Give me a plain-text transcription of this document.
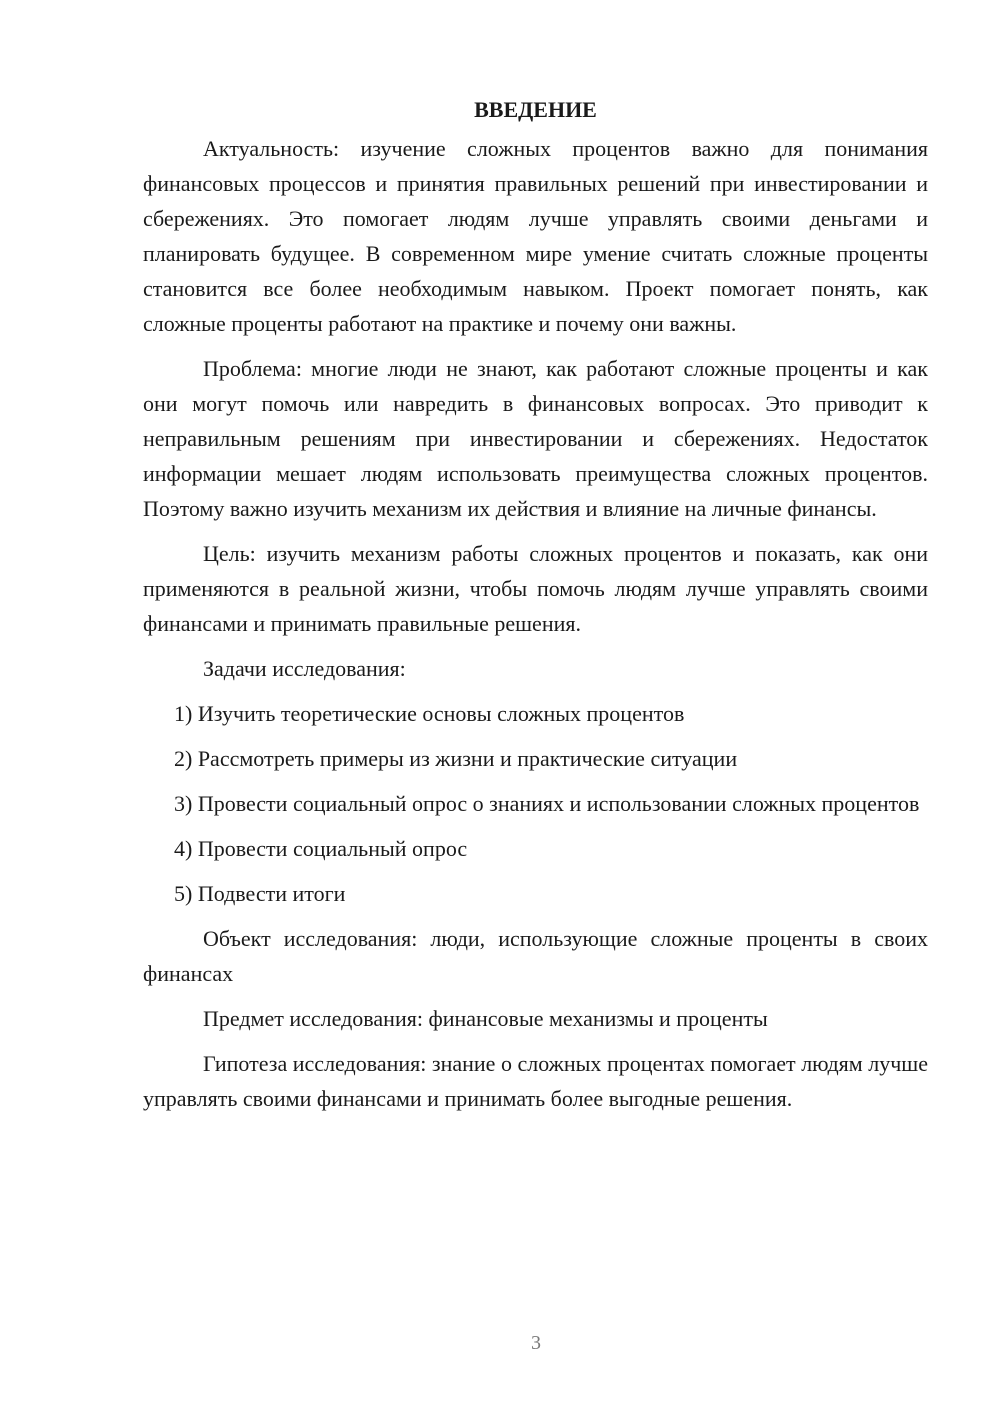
ВВЕДЕНИЕ

Актуальность: изучение сложных процентов важно для понимания финансовых процессов и принятия правильных решений при инвестировании и сбережениях. Это помогает людям лучше управлять своими деньгами и планировать будущее. В современном мире умение считать сложные проценты становится все более необходимым навыком. Проект помогает понять, как сложные проценты работают на практике и почему они важны.

Проблема: многие люди не знают, как работают сложные проценты и как они могут помочь или навредить в финансовых вопросах. Это приводит к неправильным решениям при инвестировании и сбережениях. Недостаток информации мешает людям использовать преимущества сложных процентов. Поэтому важно изучить механизм их действия и влияние на личные финансы.

Цель: изучить механизм работы сложных процентов и показать, как они применяются в реальной жизни, чтобы помочь людям лучше управлять своими финансами и принимать правильные решения.

Задачи исследования:

1) Изучить теоретические основы сложных процентов

2) Рассмотреть примеры из жизни и практические ситуации

3) Провести социальный опрос о знаниях и использовании сложных процентов

4) Провести социальный опрос

5) Подвести итоги

Объект исследования: люди, использующие сложные проценты в своих финансах

Предмет исследования: финансовые механизмы и проценты

Гипотеза исследования: знание о сложных процентах помогает людям лучше управлять своими финансами и принимать более выгодные решения.

3
